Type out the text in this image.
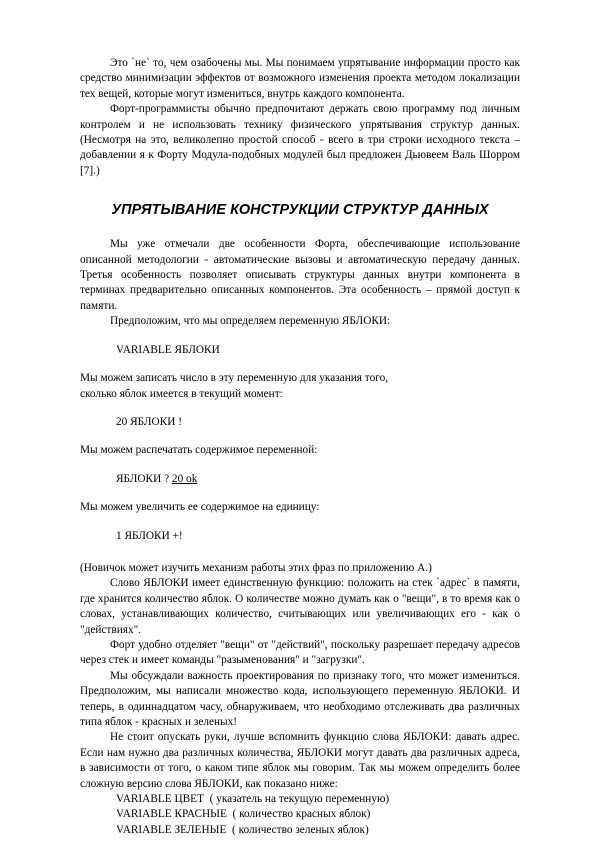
Это `не` то, чем озабочены мы. Мы понимаем упрятывание информации просто как средство минимизации эффектов от возможного изменения проекта методом локализации тех вещей, которые могут измениться, внутрь каждого компонента.

Форт-программисты обычно предпочитают держать свою программу под личным контролем и не использовать технику физического упрятывания структур данных. (Несмотря на это, великолепно простой способ - всего в три строки исходного текста – добавлении я к Форту Модула-подобных модулей был предложен Дьювеем Валь Шорром [7].)

УПРЯТЫВАНИЕ КОНСТРУКЦИИ СТРУКТУР ДАННЫХ

Мы уже отмечали две особенности Форта, обеспечивающие использование описанной методологии - автоматические вызовы и автоматическую передачу данных. Третья особенность позволяет описывать структуры данных внутри компонента в терминах предварительно описанных компонентов. Эта особенность – прямой доступ к памяти.

Предположим, что мы определяем переменную ЯБЛОКИ:

VARIABLE ЯБЛОКИ

Мы можем записать число в эту переменную для указания того,

сколько яблок имеется в текущий момент:

20 ЯБЛОКИ !

Мы можем распечатать содержимое переменной:

ЯБЛОКИ ? 20 ok

Мы можем увеличить ее содержимое на единицу:

1 ЯБЛОКИ +!

(Новичок может изучить механизм работы этих фраз по приложению А.)

Слово ЯБЛОКИ имеет единственную функцию: положить на стек `адрес` в памяти, где хранится количество яблок. О количестве можно думать как о "вещи", в то время как о словах, устанавливающих количество, считывающих или увеличивающих его - как о "действиях".

Форт удобно отделяет "вещи" от "действий", поскольку разрешает передачу адресов через стек и имеет команды "разыменования" и "загрузки".

Мы обсуждали важность проектирования по признаку того, что может измениться. Предположим, мы написали множество кода, использующего переменную ЯБЛОКИ. И теперь, в одиннадцатом часу, обнаруживаем, что необходимо отслеживать два различных типа яблок - красных и зеленых!

Не стоит опускать руки, лучше вспомнить функцию слова ЯБЛОКИ: давать адрес. Если нам нужно два различных количества, ЯБЛОКИ могут давать два различных адреса, в зависимости от того, о каком типе яблок мы говорим. Так мы можем определить более сложную версию слова ЯБЛОКИ, как показано ниже:

VARIABLE ЦВЕТ  ( указатель на текущую переменную)
VARIABLE КРАСНЫЕ  ( количество красных яблок)
VARIABLE ЗЕЛЕНЫЕ  ( количество зеленых яблок)
